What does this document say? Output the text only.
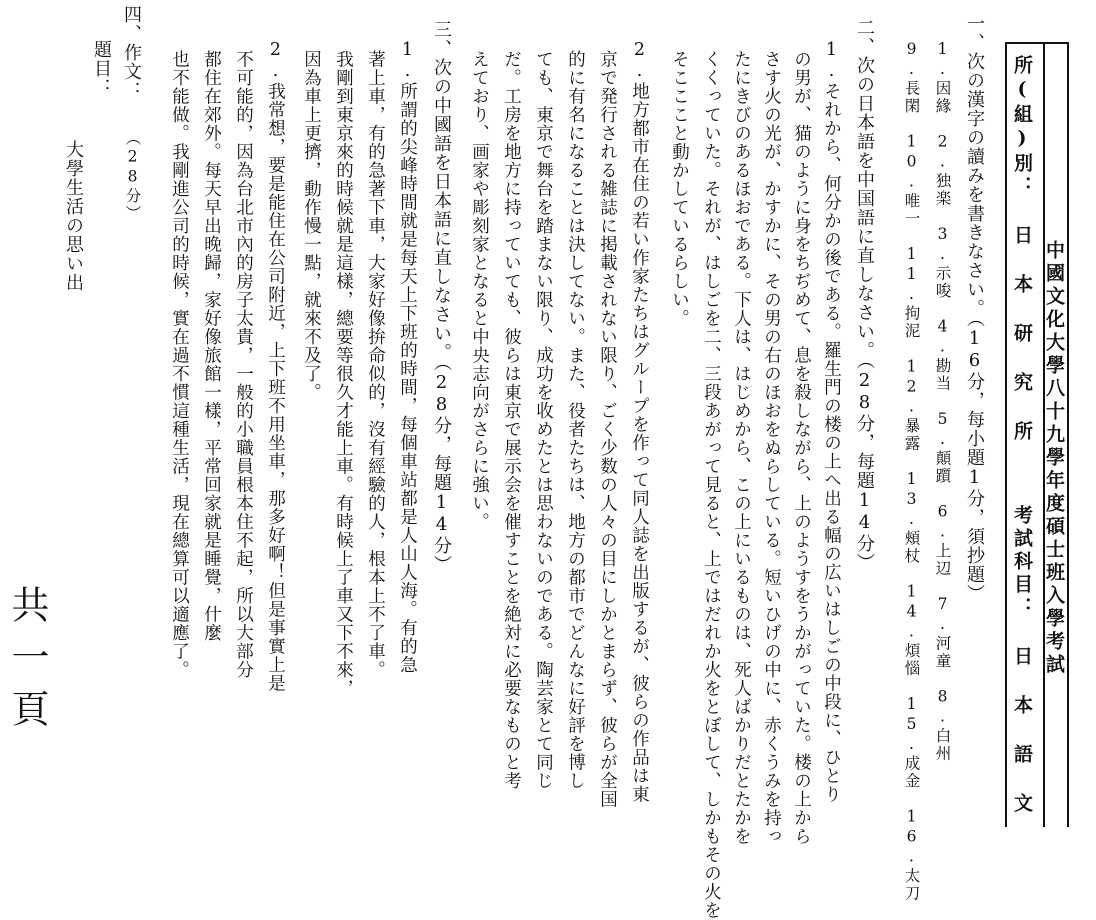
中國文化大學八十九學年度碩士班入學考試
所(組)別： 日 本 研 究 所
考試科目： 日 本 語 文
一、次の漢字の讀みを書きなさい。（16分，每小題1分，須抄題）
1.因緣　2.独楽　3.示唆　4.勘当　5.顛躓　6.上辺　7.河童　8.白州
9.長閑　10.唯一　11.拘泥　12.暴露　13.頰杖　14.煩惱　15.成金　16.太刀
二、次の日本語を中国語に直しなさい。（28分，每題14分）
1.それから、何分かの後である。羅生門の楼の上へ出る幅の広いはしごの中段に、ひとり
の男が、猫のように身をちぢめて、息を殺しながら、上のようすをうかがっていた。楼の上から
さす火の光が、かすかに、その男の右のほおをぬらしている。短いひげの中に、赤くうみを持っ
たにきびのあるほおである。下人は、はじめから、この上にいるものは、死人ばかりだとたかを
くくっていた。それが、はしごを二、三段あがって見ると、上ではだれか火をとぼして、しかもその火を
そこここと動かしているらしい。
2.地方都市在住の若い作家たちはグループを作って同人誌を出版するが、彼らの作品は東
京で発行される雑誌に掲載されない限り、ごく少数の人々の目にしかとまらず、彼らが全国
的に有名になることは決してない。また、役者たちは、地方の都市でどんなに好評を博し
ても、東京で舞台を踏まない限り、成功を收めたとは思わないのである。陶芸家とて同じ
だ。工房を地方に持っていても、彼らは東京で展示会を催すことを絶対に必要なものと考
えており、画家や彫刻家となると中央志向がさらに強い。
三、次の中國語を日本語に直しなさい。（28分，每題14分）
1.所謂的尖峰時間就是每天上下班的時間，每個車站都是人山人海。有的急
著上車，有的急著下車，大家好像拚命似的，沒有經驗的人，根本上不了車。
我剛到東京來的時候就是這樣，總要等很久才能上車。有時候上了車又下不來，
因為車上更擠，動作慢一點，就來不及了。
2.我常想，要是能住在公司附近，上下班不用坐車，那多好啊！但是事實上是
不可能的，因為台北市內的房子太貴，一般的小職員根本住不起，所以大部分
都住在郊外。每天早出晚歸，家好像旅館一樣，平常回家就是睡覺，什麼
也不能做。我剛進公司的時候，實在過不慣這種生活，現在總算可以適應了。
四、作文：
（28分）
題目：
大學生活の思い出
共一頁
